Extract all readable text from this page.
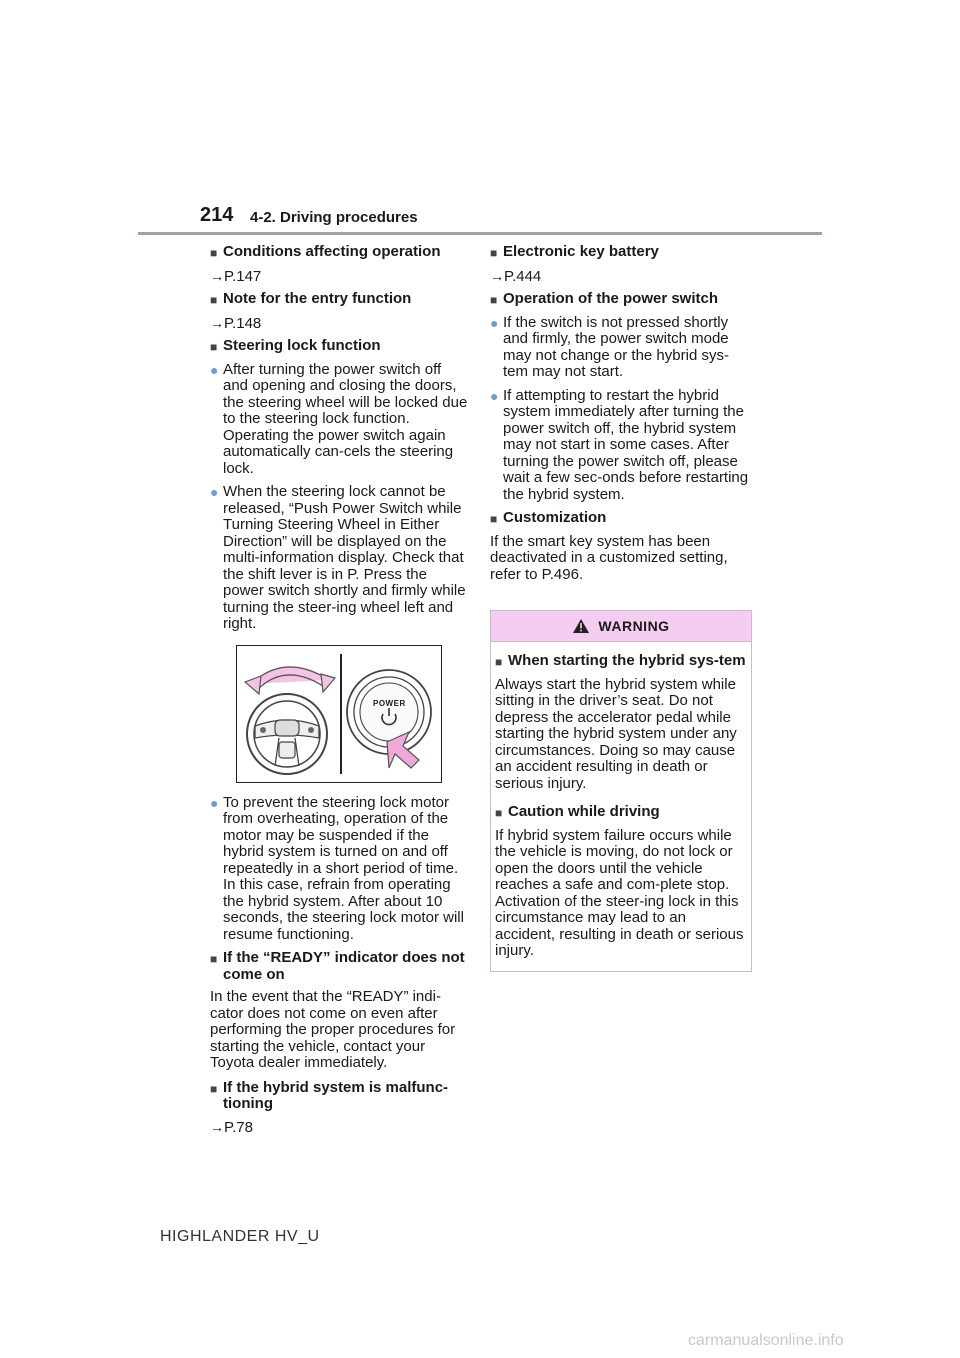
214 4-2. Driving procedures
■ Conditions affecting operation
→P.147
■ Note for the entry function
→P.148
■ Steering lock function
● After turning the power switch off and opening and closing the doors, the steering wheel will be locked due to the steering lock function. Operating the power switch again automatically can-cels the steering lock.
● When the steering lock cannot be released, “Push Power Switch while Turning Steering Wheel in Either Direction” will be displayed on the multi-information display. Check that the shift lever is in P. Press the power switch shortly and firmly while turning the steer-ing wheel left and right.
POWER
● To prevent the steering lock motor from overheating, operation of the motor may be suspended if the hybrid system is turned on and off repeatedly in a short period of time. In this case, refrain from operating the hybrid system. After about 10 seconds, the steering lock motor will resume functioning.
■ If the “READY” indicator does not come on
In the event that the “READY” indi-cator does not come on even after performing the proper procedures for starting the vehicle, contact your Toyota dealer immediately.
■ If the hybrid system is malfunc-tioning
→P.78
■ Electronic key battery
→P.444
■ Operation of the power switch
● If the switch is not pressed shortly and firmly, the power switch mode may not change or the hybrid sys-tem may not start.
● If attempting to restart the hybrid system immediately after turning the power switch off, the hybrid system may not start in some cases. After turning the power switch off, please wait a few sec-onds before restarting the hybrid system.
■ Customization
If the smart key system has been deactivated in a customized setting, refer to P.496.
WARNING
■ When starting the hybrid sys-tem
Always start the hybrid system while sitting in the driver’s seat. Do not depress the accelerator pedal while starting the hybrid system under any circumstances. Doing so may cause an accident resulting in death or serious injury.
■ Caution while driving
If hybrid system failure occurs while the vehicle is moving, do not lock or open the doors until the vehicle reaches a safe and com-plete stop. Activation of the steer-ing lock in this circumstance may lead to an accident, resulting in death or serious injury.
HIGHLANDER HV_U
carmanualsonline.info
